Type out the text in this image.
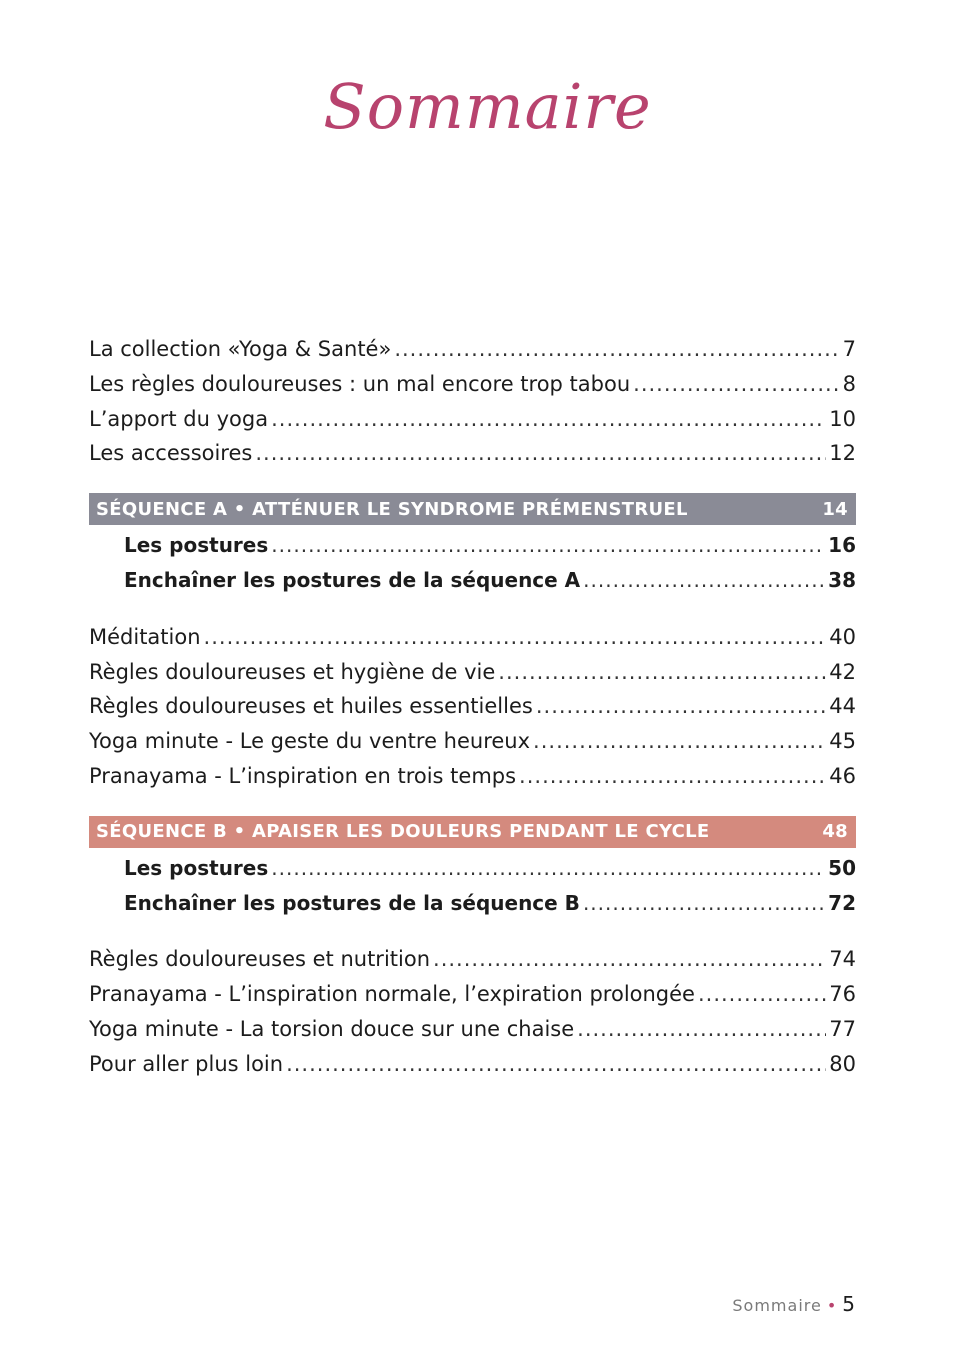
Sommaire
La collection «Yoga & Santé» .....	7
Les règles douloureuses : un mal encore trop tabou .....	8
L’apport du yoga .....	10
Les accessoires .....	12
SÉQUENCE A • ATTÉNUER LE SYNDROME PRÉMENSTRUEL	14
Les postures .....	16
Enchaîner les postures de la séquence A .....	38
Méditation .....	40
Règles douloureuses et hygiène de vie .....	42
Règles douloureuses et huiles essentielles .....	44
Yoga minute - Le geste du ventre heureux .....	45
Pranayama - L’inspiration en trois temps .....	46
SÉQUENCE B • APAISER LES DOULEURS PENDANT LE CYCLE	48
Les postures .....	50
Enchaîner les postures de la séquence B .....	72
Règles douloureuses et nutrition .....	74
Pranayama - L’inspiration normale, l’expiration prolongée .....	76
Yoga minute - La torsion douce sur une chaise .....	77
Pour aller plus loin .....	80
Sommaire • 5
